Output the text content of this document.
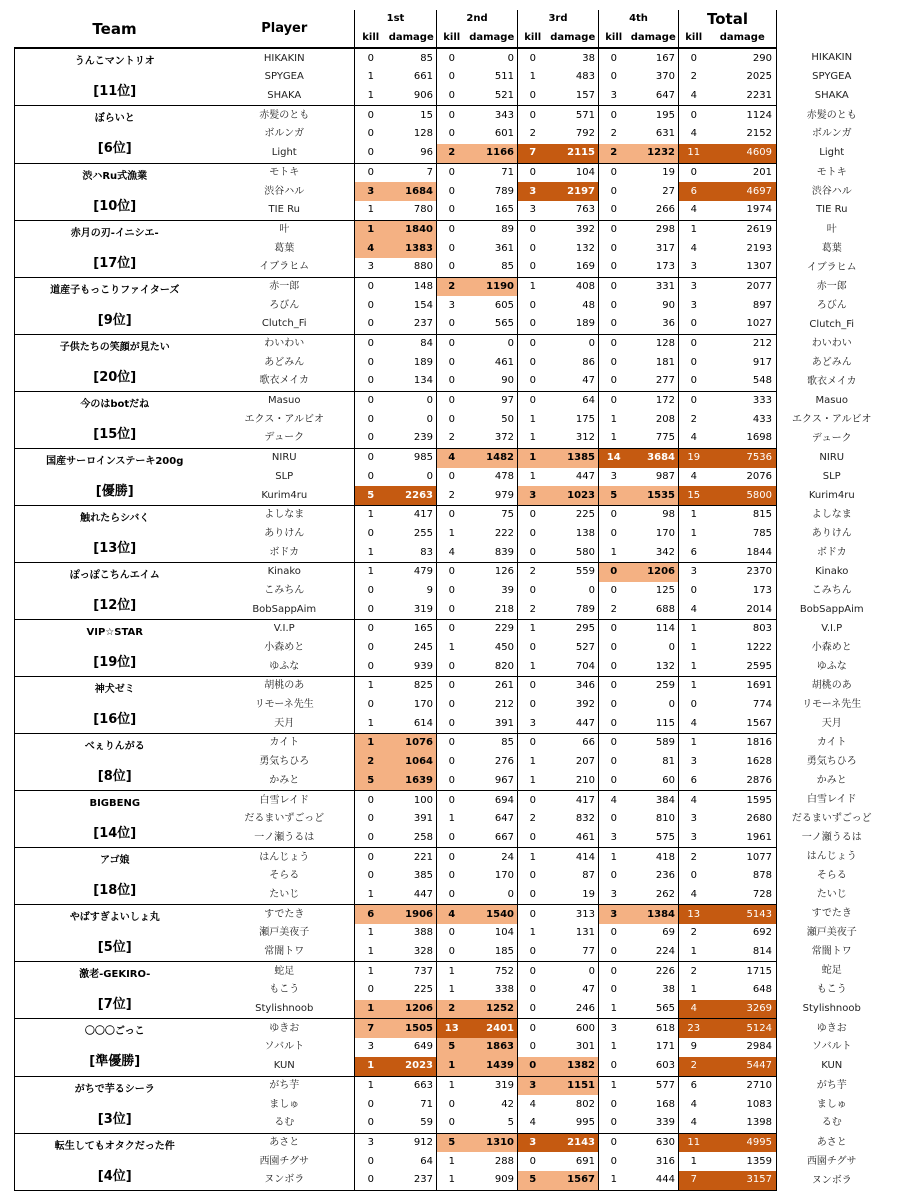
Team	Player	1st		2nd		3rd		4th		Total		
		kill	damage	kill	damage	kill	damage	kill	damage	kill	damage	

うんこマントリオ
[11位]	HIKAKIN	0	85	0	0	0	38	0	167	0	290	HIKAKIN
	SPYGEA	1	661	0	511	1	483	0	370	2	2025	SPYGEA
	SHAKA	1	906	0	521	0	157	3	647	4	2231	SHAKA

ぼらいと
[6位]	赤髪のとも	0	15	0	343	0	571	0	195	0	1124	赤髪のとも
	ボルンガ	0	128	0	601	2	792	2	631	4	2152	ボルンガ
	Light	0	96	2	1166	7	2115	2	1232	11	4609	Light

渋ハRu式漁業
[10位]	モトキ	0	7	0	71	0	104	0	19	0	201	モトキ
	渋谷ハル	3	1684	0	789	3	2197	0	27	6	4697	渋谷ハル
	TIE Ru	1	780	0	165	3	763	0	266	4	1974	TIE Ru

赤月の刃-イニシエ-
[17位]	叶	1	1840	0	89	0	392	0	298	1	2619	叶
	葛葉	4	1383	0	361	0	132	0	317	4	2193	葛葉
	イブラヒム	3	880	0	85	0	169	0	173	3	1307	イブラヒム

道産子もっこりファイターズ
[9位]	赤一郎	0	148	2	1190	1	408	0	331	3	2077	赤一郎
	ろびん	0	154	3	605	0	48	0	90	3	897	ろびん
	Clutch_Fi	0	237	0	565	0	189	0	36	0	1027	Clutch_Fi

子供たちの笑顔が見たい
[20位]	わいわい	0	84	0	0	0	0	0	128	0	212	わいわい
	あどみん	0	189	0	461	0	86	0	181	0	917	あどみん
	歌衣メイカ	0	134	0	90	0	47	0	277	0	548	歌衣メイカ

今のはbotだね
[15位]	Masuo	0	0	0	97	0	64	0	172	0	333	Masuo
	エクス・アルビオ	0	0	0	50	1	175	1	208	2	433	エクス・アルビオ
	デューク	0	239	2	372	1	312	1	775	4	1698	デューク

国産サーロインステーキ200g
[優勝]	NIRU	0	985	4	1482	1	1385	14	3684	19	7536	NIRU
	SLP	0	0	0	478	1	447	3	987	4	2076	SLP
	Kurim4ru	5	2263	2	979	3	1023	5	1535	15	5800	Kurim4ru

触れたらシバく
[13位]	よしなま	1	417	0	75	0	225	0	98	1	815	よしなま
	ありけん	0	255	1	222	0	138	0	170	1	785	ありけん
	ボドカ	1	83	4	839	0	580	1	342	6	1844	ボドカ

ぽっぽこちんエイム
[12位]	Kinako	1	479	0	126	2	559	0	1206	3	2370	Kinako
	こみちん	0	9	0	39	0	0	0	125	0	173	こみちん
	BobSappAim	0	319	0	218	2	789	2	688	4	2014	BobSappAim

VIP☆STAR
[19位]	V.I.P	0	165	0	229	1	295	0	114	1	803	V.I.P
	小森めと	0	245	1	450	0	527	0	0	1	1222	小森めと
	ゆふな	0	939	0	820	1	704	0	132	1	2595	ゆふな

神犬ゼミ
[16位]	胡桃のあ	1	825	0	261	0	346	0	259	1	1691	胡桃のあ
	リモーネ先生	0	170	0	212	0	392	0	0	0	774	リモーネ先生
	天月	1	614	0	391	3	447	0	115	4	1567	天月

べぇりんがる
[8位]	カイト	1	1076	0	85	0	66	0	589	1	1816	カイト
	勇気ちひろ	2	1064	0	276	1	207	0	81	3	1628	勇気ちひろ
	かみと	5	1639	0	967	1	210	0	60	6	2876	かみと

BIGBENG
[14位]	白雪レイド	0	100	0	694	0	417	4	384	4	1595	白雪レイド
	だるまいずごっど	0	391	1	647	2	832	0	810	3	2680	だるまいずごっど
	一ノ瀬うるは	0	258	0	667	0	461	3	575	3	1961	一ノ瀬うるは

アゴ娘
[18位]	はんじょう	0	221	0	24	1	414	1	418	2	1077	はんじょう
	そらる	0	385	0	170	0	87	0	236	0	878	そらる
	たいじ	1	447	0	0	0	19	3	262	4	728	たいじ

やばすぎよいしょ丸
[5位]	すでたき	6	1906	4	1540	0	313	3	1384	13	5143	すでたき
	瀬戸美夜子	1	388	0	104	1	131	0	69	2	692	瀬戸美夜子
	常闇トワ	1	328	0	185	0	77	0	224	1	814	常闇トワ

激老-GEKIRO-
[7位]	蛇足	1	737	1	752	0	0	0	226	2	1715	蛇足
	もこう	0	225	1	338	0	47	0	38	1	648	もこう
	Stylishnoob	1	1206	2	1252	0	246	1	565	4	3269	Stylishnoob

〇〇〇ごっこ
[準優勝]	ゆきお	7	1505	13	2401	0	600	3	618	23	5124	ゆきお
	ソバルト	3	649	5	1863	0	301	1	171	9	2984	ソバルト
	KUN	1	2023	1	1439	0	1382	0	603	2	5447	KUN

がちで芋るシーラ
[3位]	がち芋	1	663	1	319	3	1151	1	577	6	2710	がち芋
	ましゅ	0	71	0	42	4	802	0	168	4	1083	ましゅ
	るむ	0	59	0	5	4	995	0	339	4	1398	るむ

転生してもオタクだった件
[4位]	あさと	3	912	5	1310	3	2143	0	630	11	4995	あさと
	西園チグサ	0	64	1	288	0	691	0	316	1	1359	西園チグサ
	ヌンボラ	0	237	1	909	5	1567	1	444	7	3157	ヌンボラ
